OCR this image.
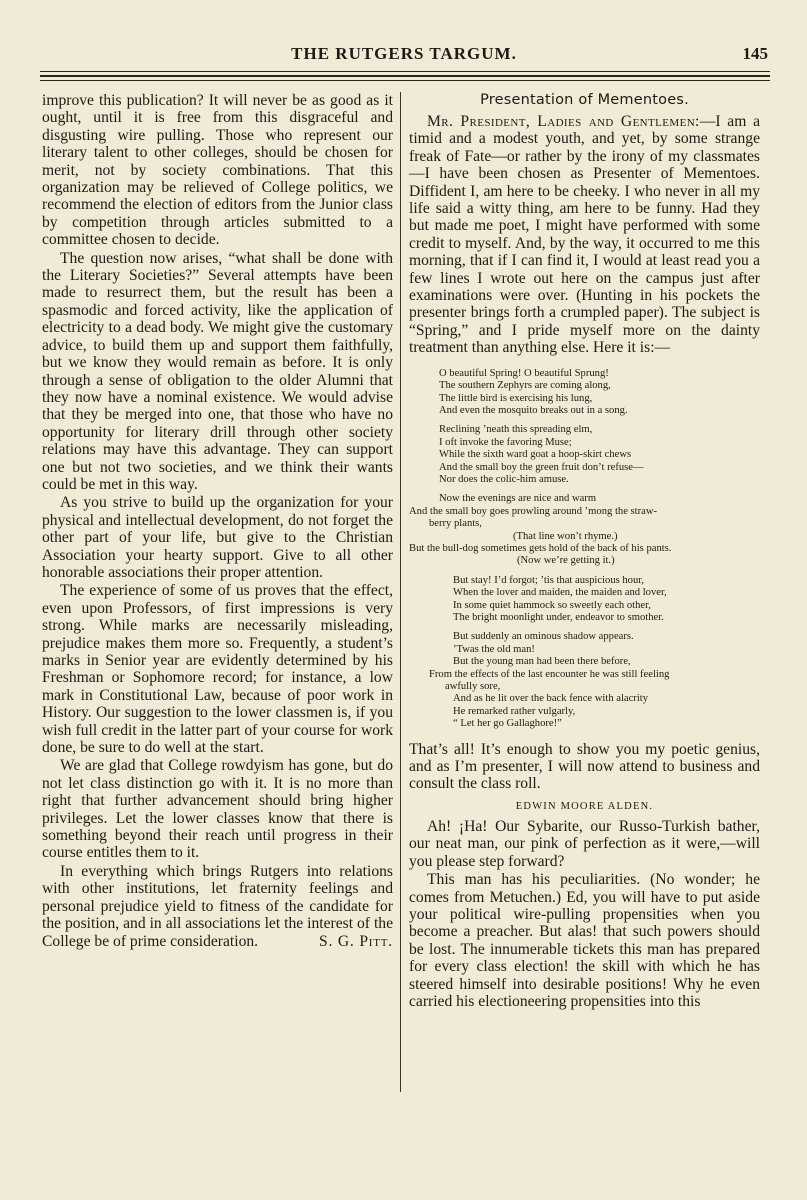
THE RUTGERS TARGUM.	145

improve this publication? It will never be as good as it ought, until it is free from this disgraceful and disgusting wire pulling. Those who represent our literary talent to other colleges, should be chosen for merit, not by society combinations. That this organization may be relieved of College politics, we recommend the election of editors from the Junior class by competition through articles submitted to a committee chosen to decide.

The question now arises, “what shall be done with the Literary Societies?” Several attempts have been made to resurrect them, but the result has been a spasmodic and forced activity, like the application of electricity to a dead body. We might give the customary advice, to build them up and support them faithfully, but we know they would remain as before. It is only through a sense of obligation to the older Alumni that they now have a nominal existence. We would advise that they be merged into one, that those who have no opportunity for literary drill through other society relations may have this advantage. They can support one but not two societies, and we think their wants could be met in this way.

As you strive to build up the organization for your physical and intellectual development, do not forget the other part of your life, but give to the Christian Association your hearty support. Give to all other honorable associations their proper attention.

The experience of some of us proves that the effect, even upon Professors, of first impressions is very strong. While marks are necessarily misleading, prejudice makes them more so. Frequently, a student’s marks in Senior year are evidently determined by his Freshman or Sophomore record; for instance, a low mark in Constitutional Law, because of poor work in History. Our suggestion to the lower classmen is, if you wish full credit in the latter part of your course for work done, be sure to do well at the start.

We are glad that College rowdyism has gone, but do not let class distinction go with it. It is no more than right that further advancement should bring higher privileges. Let the lower classes know that there is something beyond their reach until progress in their course entitles them to it.

In everything which brings Rutgers into relations with other institutions, let fraternity feelings and personal prejudice yield to fitness of the candidate for the position, and in all associations let the interest of the College be of prime consideration.	S. G. Pitt.

Presentation of Mementoes.

Mr. President, Ladies and Gentlemen:—I am a timid and a modest youth, and yet, by some strange freak of Fate—or rather by the irony of my classmates—I have been chosen as Presenter of Mementoes. Diffident I, am here to be cheeky. I who never in all my life said a witty thing, am here to be funny. Had they but made me poet, I might have performed with some credit to myself. And, by the way, it occurred to me this morning, that if I can find it, I would at least read you a few lines I wrote out here on the campus just after examinations were over. (Hunting in his pockets the presenter brings forth a crumpled paper). The subject is “Spring,” and I pride myself more on the dainty treatment than anything else. Here it is:—

O beautiful Spring! O beautiful Sprung!
The southern Zephyrs are coming along,
The little bird is exercising his lung,
And even the mosquito breaks out in a song.
Reclining ’neath this spreading elm,
I oft invoke the favoring Muse;
While the sixth ward goat a hoop-skirt chews
And the small boy the green fruit don’t refuse—
Nor does the colic-him amuse.
Now the evenings are nice and warm
And the small boy goes prowling around ’mong the straw-
berry plants,
(That line won’t rhyme.)
But the bull-dog sometimes gets hold of the back of his pants.
(Now we’re getting it.)
But stay! I’d forgot; ’tis that auspicious hour,
When the lover and maiden, the maiden and lover,
In some quiet hammock so sweetly each other,
The bright moonlight under, endeavor to smother.
But suddenly an ominous shadow appears.
’Twas the old man!
But the young man had been there before,
From the effects of the last encounter he was still feeling
awfully sore,
And as he lit over the back fence with alacrity
He remarked rather vulgarly,
“ Let her go Gallaghore!”

That’s all! It’s enough to show you my poetic genius, and as I’m presenter, I will now attend to business and consult the class roll.

EDWIN MOORE ALDEN.

Ah! ¡Ha! Our Sybarite, our Russo-Turkish bather, our neat man, our pink of perfection as it were,—will you please step forward?

This man has his peculiarities. (No wonder; he comes from Metuchen.) Ed, you will have to put aside your political wire-pulling propensities when you become a preacher. But alas! that such powers should be lost. The innumerable tickets this man has prepared for every class election! the skill with which he has steered himself into desirable positions! Why he even carried his electioneering propensities into this
